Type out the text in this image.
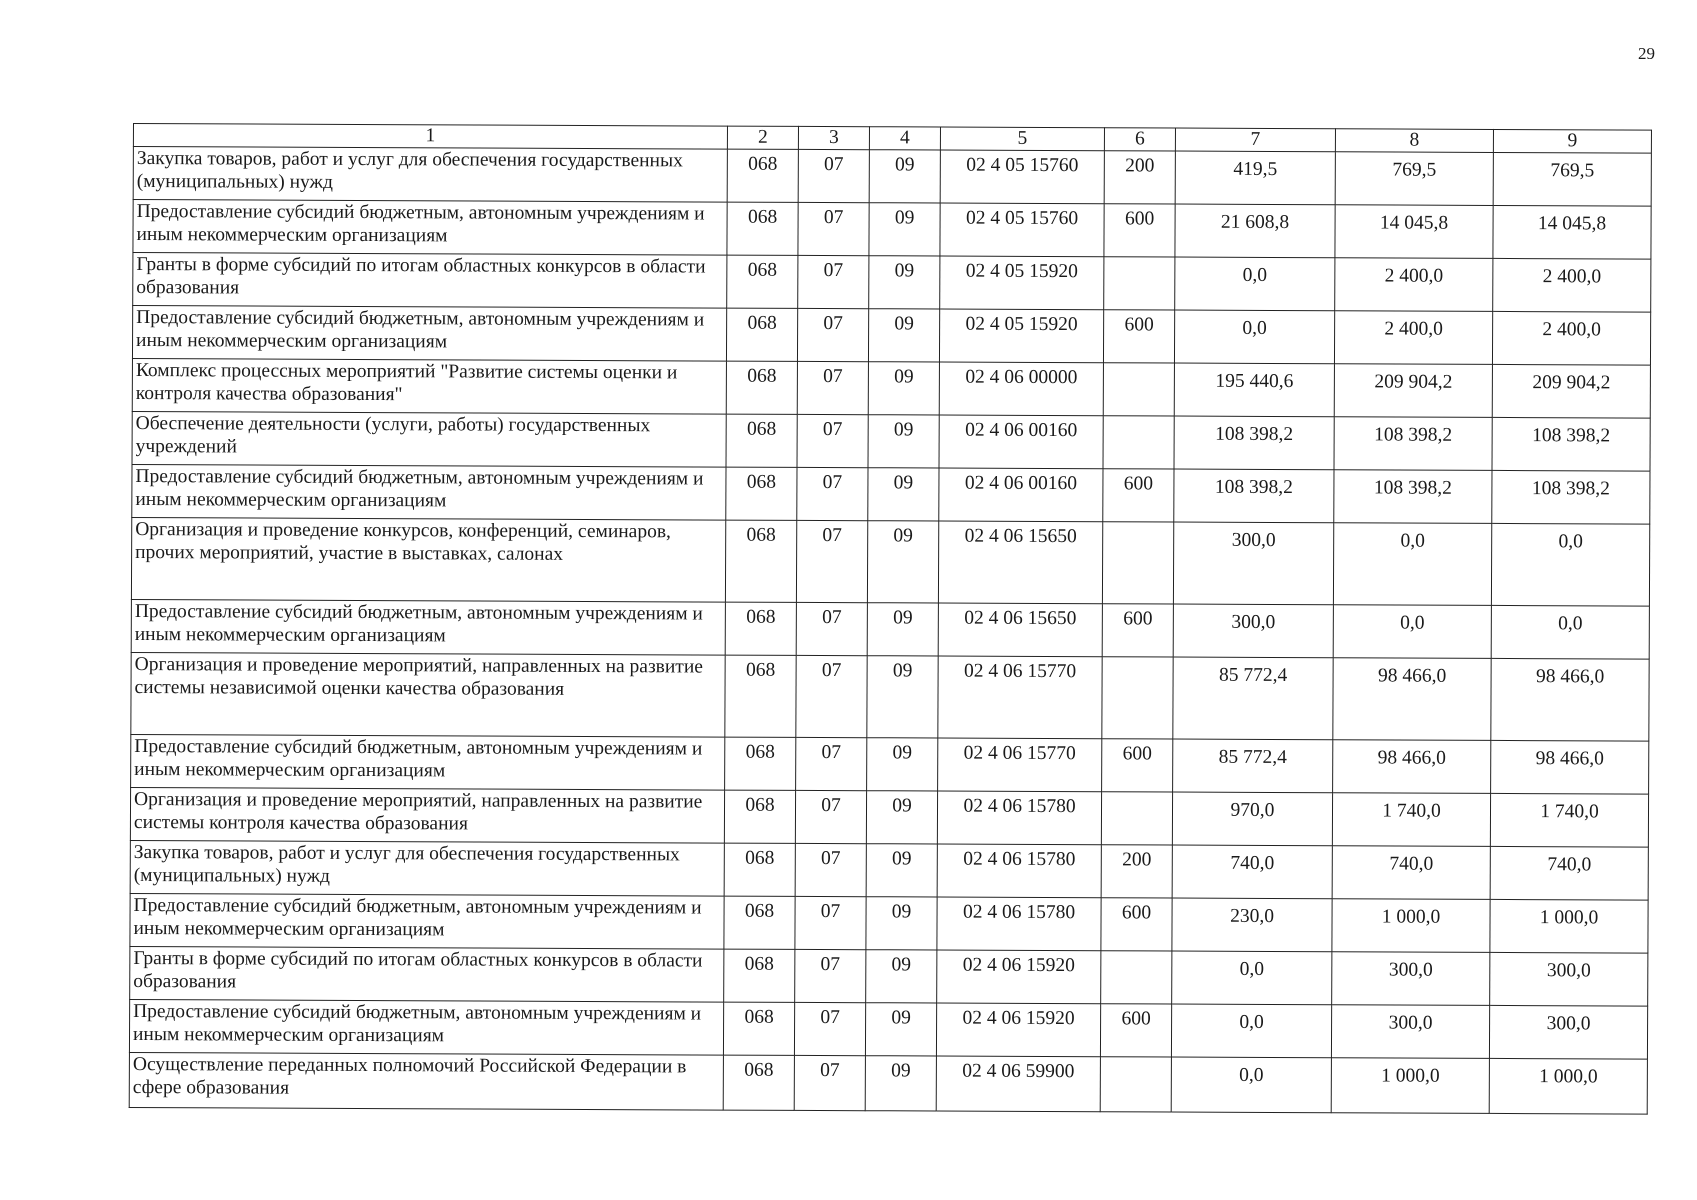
29
1	2	3	4	5	6	7	8	9
Закупка товаров, работ и услуг для обеспечения государственных (муниципальных) нужд	068	07	09	02 4 05 15760	200	419,5	769,5	769,5
Предоставление субсидий бюджетным, автономным учреждениям и иным некоммерческим организациям	068	07	09	02 4 05 15760	600	21 608,8	14 045,8	14 045,8
Гранты в форме субсидий по итогам областных конкурсов в области образования	068	07	09	02 4 05 15920		0,0	2 400,0	2 400,0
Предоставление субсидий бюджетным, автономным учреждениям и иным некоммерческим организациям	068	07	09	02 4 05 15920	600	0,0	2 400,0	2 400,0
Комплекс процессных мероприятий "Развитие системы оценки и контроля качества образования"	068	07	09	02 4 06 00000		195 440,6	209 904,2	209 904,2
Обеспечение деятельности (услуги, работы) государственных учреждений	068	07	09	02 4 06 00160		108 398,2	108 398,2	108 398,2
Предоставление субсидий бюджетным, автономным учреждениям и иным некоммерческим организациям	068	07	09	02 4 06 00160	600	108 398,2	108 398,2	108 398,2
Организация и проведение конкурсов, конференций, семинаров, прочих мероприятий, участие в выставках, салонах	068	07	09	02 4 06 15650		300,0	0,0	0,0
Предоставление субсидий бюджетным, автономным учреждениям и иным некоммерческим организациям	068	07	09	02 4 06 15650	600	300,0	0,0	0,0
Организация и проведение мероприятий, направленных на развитие системы независимой оценки качества образования	068	07	09	02 4 06 15770		85 772,4	98 466,0	98 466,0
Предоставление субсидий бюджетным, автономным учреждениям и иным некоммерческим организациям	068	07	09	02 4 06 15770	600	85 772,4	98 466,0	98 466,0
Организация и проведение мероприятий, направленных на развитие системы контроля качества образования	068	07	09	02 4 06 15780		970,0	1 740,0	1 740,0
Закупка товаров, работ и услуг для обеспечения государственных (муниципальных) нужд	068	07	09	02 4 06 15780	200	740,0	740,0	740,0
Предоставление субсидий бюджетным, автономным учреждениям и иным некоммерческим организациям	068	07	09	02 4 06 15780	600	230,0	1 000,0	1 000,0
Гранты в форме субсидий по итогам областных конкурсов в области образования	068	07	09	02 4 06 15920		0,0	300,0	300,0
Предоставление субсидий бюджетным, автономным учреждениям и иным некоммерческим организациям	068	07	09	02 4 06 15920	600	0,0	300,0	300,0
Осуществление переданных полномочий Российской Федерации в сфере образования	068	07	09	02 4 06 59900		0,0	1 000,0	1 000,0
